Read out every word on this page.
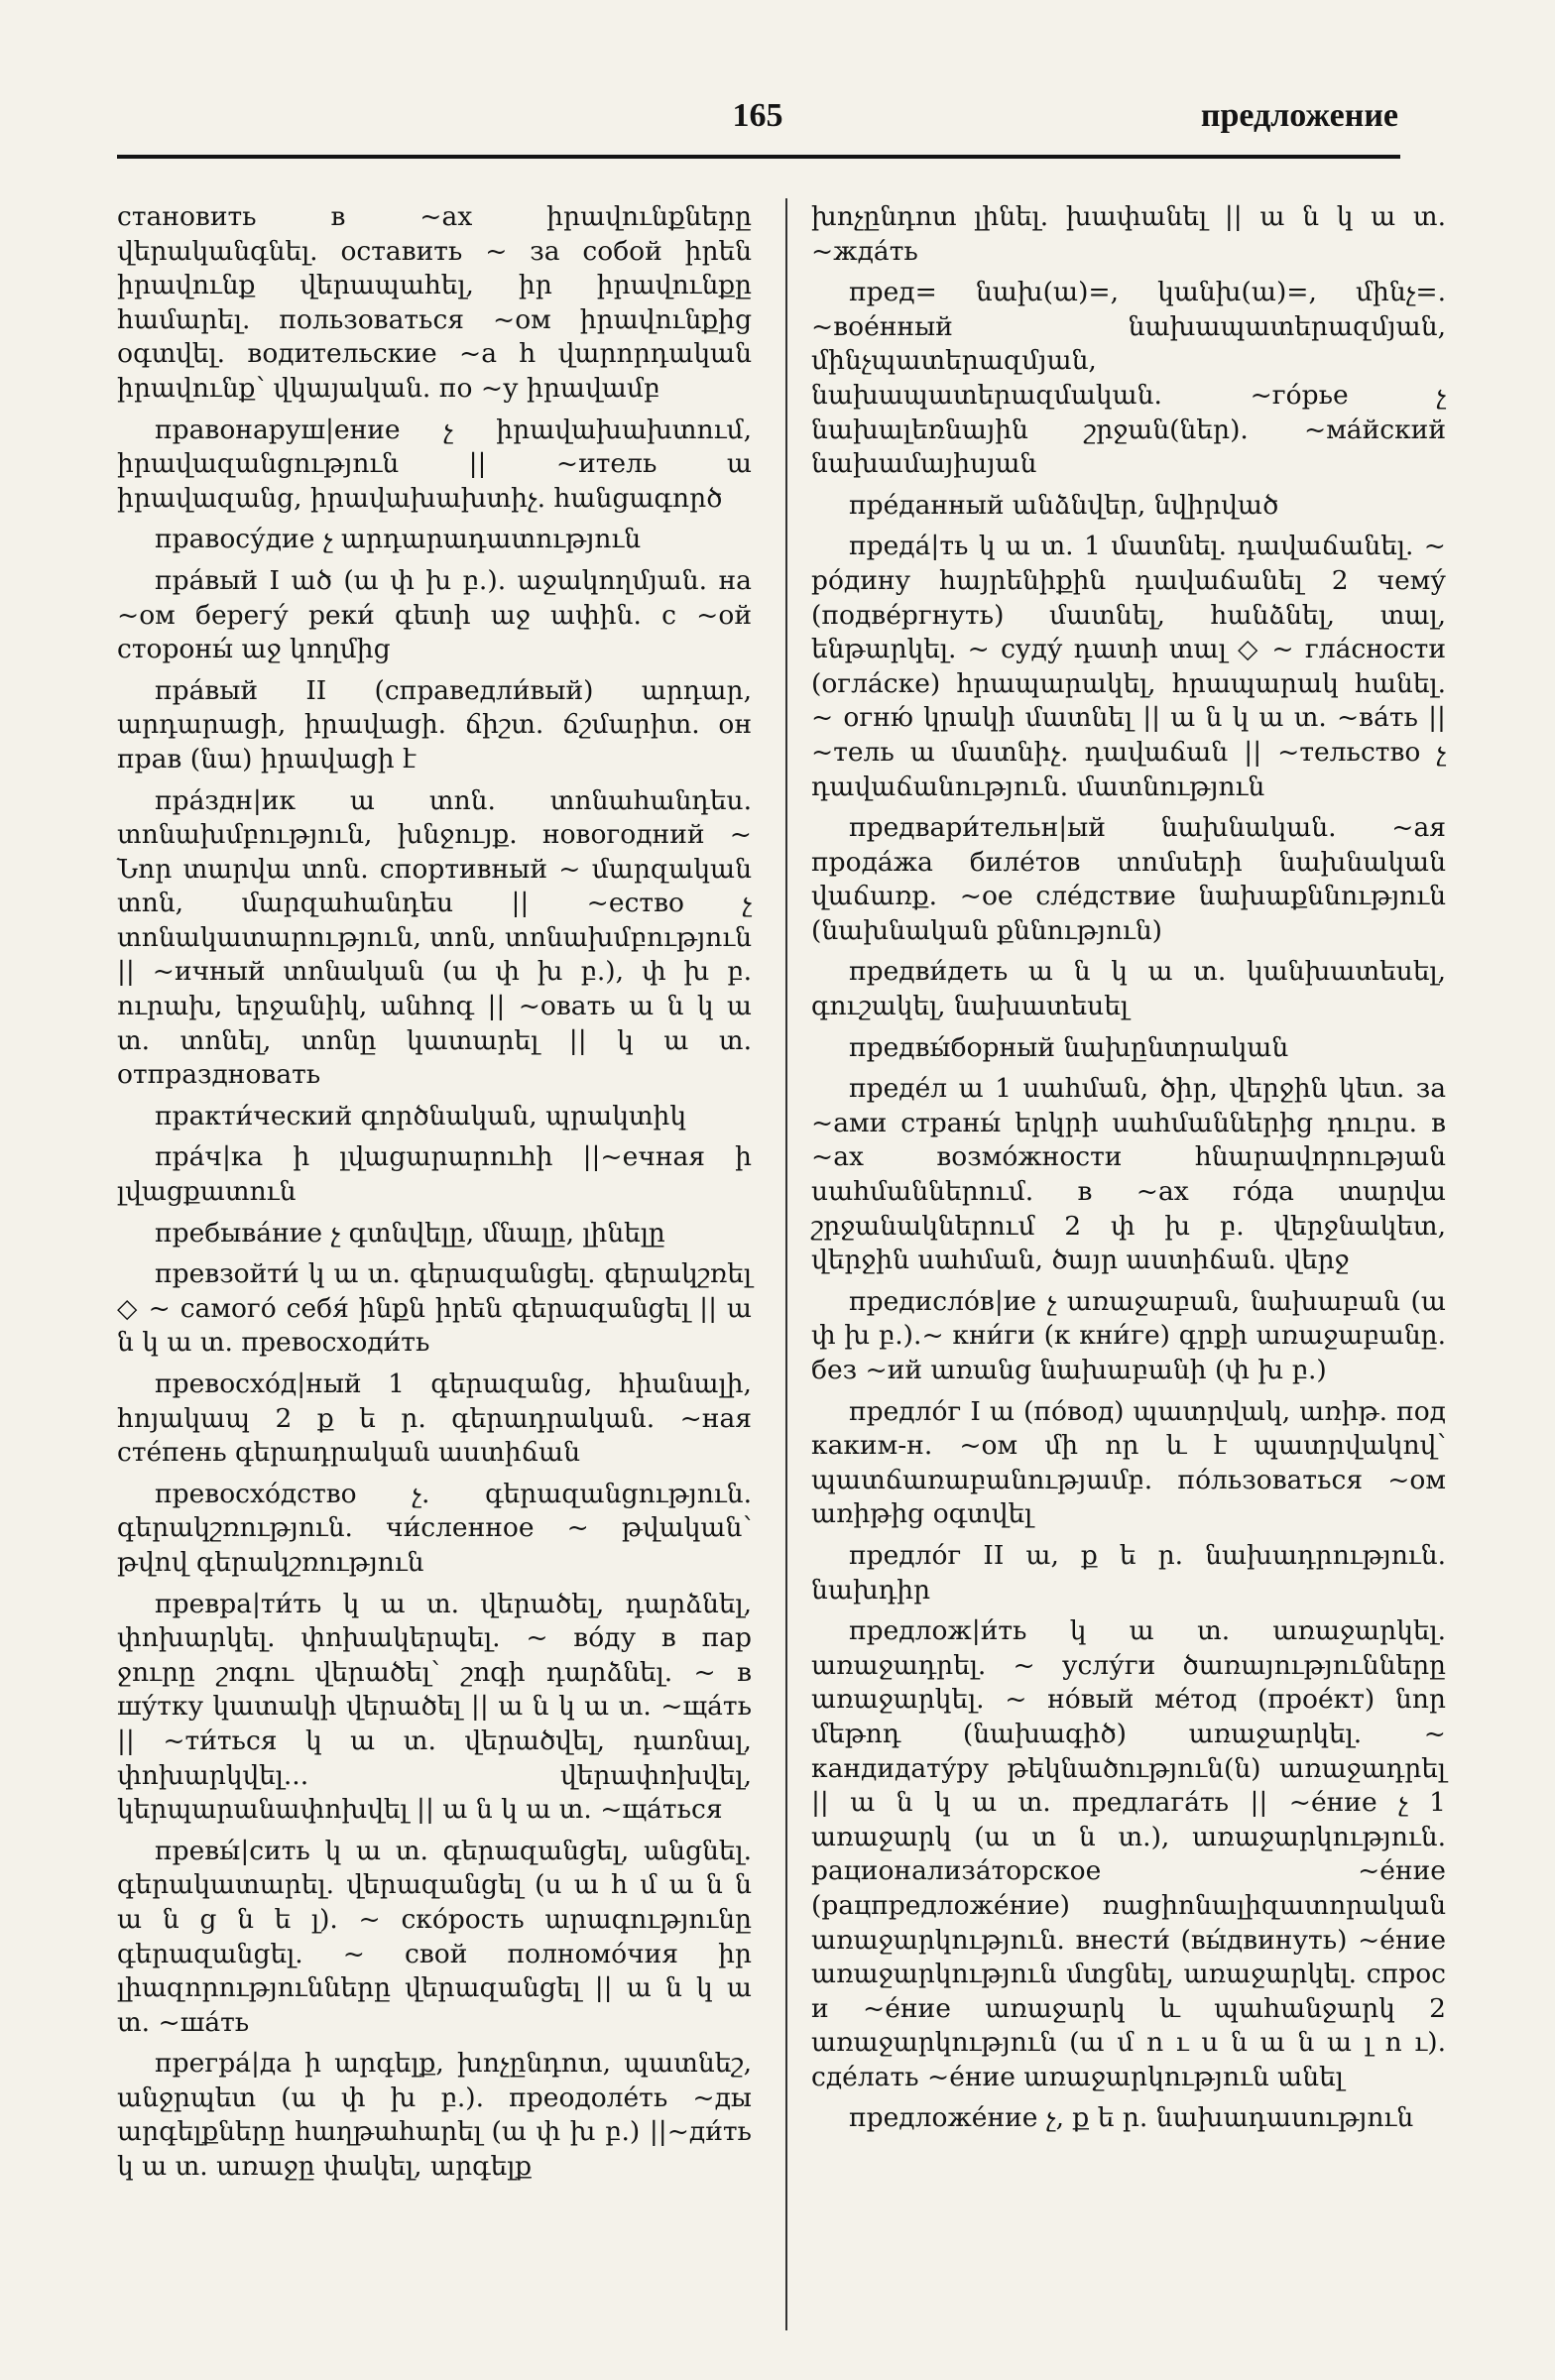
165	предложение

становить в ~ах իրավունքները վերականգնել. оставить ~ за собой իրեն իրավունք վերապահել, իր իրավունքը համարել. пользоваться ~ом իրավունքից օգտվել. водительские ~а հ վարորդական իրավունք՝ վկայական. по ~у իրավամբ

правонаруш|ение չ իրավախախտում, իրավազանցություն || ~итель ա իրավազանց, իրավախախտիչ. հանցագործ

правосу́дие չ արդարադատություն

пра́вый I ած (ա փ խ բ.). աջակողմյան. на ~ом берегу́ реки́ գետի աջ ափին. с ~ой стороны́ աջ կողմից

пра́вый II (справедли́вый) արդար, արդարացի, իրավացի. ճիշտ. ճշմարիտ. он прав (նա) իրավացի է

пра́здн|ик ա տոն. տոնահանդես. տոնախմբություն, խնջույք. новогодний ~ Նոր տարվա տոն. спортивный ~ մարզական տոն, մարզահանդես || ~ество չ տոնակատարություն, տոն, տոնախմբություն || ~ичный տոնական (ա փ խ բ.), փ խ բ. ուրախ, երջանիկ, անհոգ || ~овать ա ն կ ա տ. տոնել, տոնը կատարել || կ ա տ. отпраздновать

практи́ческий գործնական, պրակտիկ

пра́ч|ка ի լվացարարուհի ||~ечная ի լվացքատուն

пребыва́ние չ գտնվելը, մնալը, լինելը

превзойти́ կ ա տ. գերազանցել. գերակշռել ◇ ~ самого́ себя́ ինքն իրեն գերազանցել || ա ն կ ա տ. превосходи́ть

превосхо́д|ный 1 գերազանց, հիանալի, հոյակապ 2 ք ե ր. գերադրական. ~ная сте́пень գերադրական աստիճան

превосхо́дство չ. գերազանցություն. գերակշռություն. чи́сленное ~ թվական՝ թվով գերակշռություն

превра|ти́ть կ ա տ. վերածել, դարձնել, փոխարկել. փոխակերպել. ~ во́ду в пар ջուրը շոգու վերածել՝ շոգի դարձնել. ~ в шу́тку կատակի վերածել || ա ն կ ա տ. ~ща́ть || ~ти́ться կ ա տ. վերածվել, դառնալ, փոխարկվել... վերափոխվել, կերպարանափոխվել || ա ն կ ա տ. ~ща́ться

превы́|сить կ ա տ. գերազանցել, անցնել. գերակատարել. վերազանցել (ս ա հ մ ա ն ն ա ն ց ն ե լ). ~ ско́рость արագությունը գերազանցել. ~ свой полномо́чия իր լիազորությունները վերազանցել || ա ն կ ա տ. ~ша́ть

прегра́|да ի արգելք, խոչընդոտ, պատնեշ, անջրպետ (ա փ խ բ.). преодоле́ть ~ды արգելքները հաղթահարել (ա փ խ բ.) ||~ди́ть կ ա տ. առաջը փակել, արգելք

խոչընդոտ լինել. խափանել || ա ն կ ա տ. ~жда́ть

пред= նախ(ա)=, կանխ(ա)=, մինչ=. ~вое́нный նախապատերազմյան, մինչպատերազմյան, նախապատերազմական. ~го́рье չ նախալեռնային շրջան(ներ). ~ма́йский նախամայիսյան

пре́данный անձնվեր, նվիրված

преда́|ть կ ա տ. 1 մատնել. դավաճանել. ~ ро́дину հայրենիքին դավաճանել 2 чему́ (подве́ргнуть) մատնել, հանձնել, տալ, ենթարկել. ~ суду́ դատի տալ ◇ ~ гла́сности (огла́ске) հրապարակել, հրապարակ հանել. ~ огню́ կրակի մատնել || ա ն կ ա տ. ~ва́ть || ~тель ա մատնիչ. դավաճան || ~тельство չ դավաճանություն. մատնություն

предвари́тельн|ый նախնական. ~ая прода́жа биле́тов տոմսերի նախնական վաճառք. ~ое сле́дствие նախաքննություն (նախնական քննություն)

предви́деть ա ն կ ա տ. կանխատեսել, գուշակել, նախատեսել

предвы́борный նախընտրական

преде́л ա 1 սահման, ծիր, վերջին կետ. за ~ами страны́ երկրի սահմաններից դուրս. в ~ах возмо́жности հնարավորության սահմաններում. в ~ах го́да տարվա շրջանակներում 2 փ խ բ. վերջնակետ, վերջին սահման, ծայր աստիճան. վերջ

предисло́в|ие չ առաջաբան, նախաբան (ա փ խ բ.).~ кни́ги (к кни́ге) գրքի առաջաբանը. без ~ий առանց նախաբանի (փ խ բ.)

предло́г I ա (по́вод) պատրվակ, առիթ. под каким-н. ~ом մի որ և է պատրվակով՝ պատճառաբանությամբ. по́льзоваться ~ом առիթից օգտվել

предло́г II ա, ք ե ր. նախադրություն. նախդիր

предлож|и́ть կ ա տ. առաջարկել. առաջադրել. ~ услу́ги ծառայությունները առաջարկել. ~ но́вый ме́тод (прое́кт) նոր մեթոդ (նախագիծ) առաջարկել. ~ кандидату́ру թեկնածություն(ն) առաջադրել || ա ն կ ա տ. предлага́ть || ~е́ние չ 1 առաջարկ (ա տ ն տ.), առաջարկություն. рационализа́торское ~е́ние (рацпредложе́ние) ռացիոնալիզատորական առաջարկություն. внести́ (вы́двинуть) ~е́ние առաջարկություն մտցնել, առաջարկել. спрос и ~е́ние առաջարկ և պահանջարկ 2 առաջարկություն (ա մ ո ւ ս ն ա ն ա լ ո ւ). сде́лать ~е́ние առաջարկություն անել

предложе́ние չ, ք ե ր. նախադասություն
